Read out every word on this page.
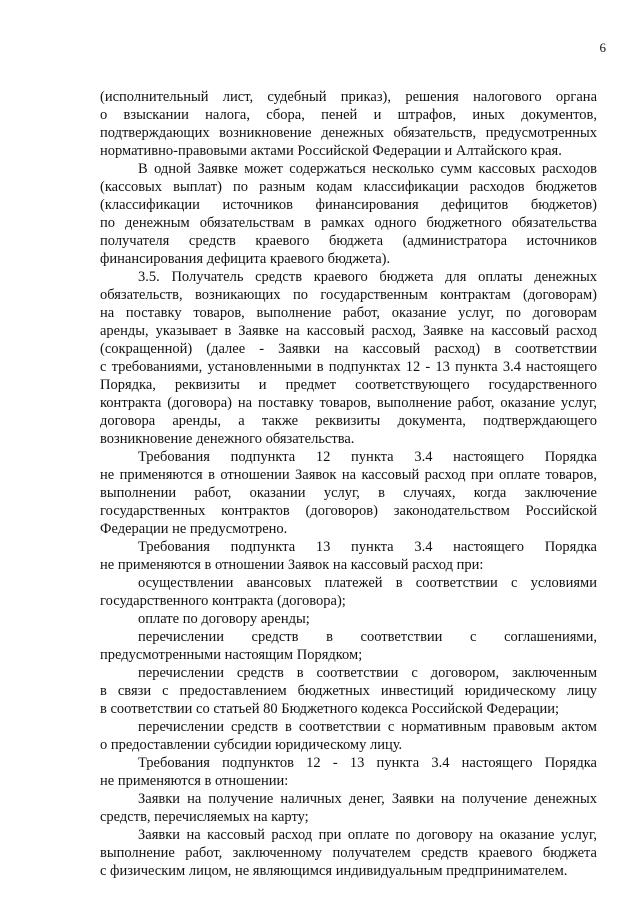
6
(исполнительный лист, судебный приказ), решения налогового органа
о взыскании налога, сбора, пеней и штрафов, иных документов,
подтверждающих возникновение денежных обязательств, предусмотренных
нормативно-правовыми актами Российской Федерации и Алтайского края.
В одной Заявке может содержаться несколько сумм кассовых расходов
(кассовых выплат) по разным кодам классификации расходов бюджетов
(классификации источников финансирования дефицитов бюджетов)
по денежным обязательствам в рамках одного бюджетного обязательства
получателя средств краевого бюджета (администратора источников
финансирования дефицита краевого бюджета).
3.5. Получатель средств краевого бюджета для оплаты денежных
обязательств, возникающих по государственным контрактам (договорам)
на поставку товаров, выполнение работ, оказание услуг, по договорам
аренды, указывает в Заявке на кассовый расход, Заявке на кассовый расход
(сокращенной) (далее - Заявки на кассовый расход) в соответствии
с требованиями, установленными в подпунктах 12 - 13 пункта 3.4 настоящего
Порядка, реквизиты и предмет соответствующего государственного
контракта (договора) на поставку товаров, выполнение работ, оказание услуг,
договора аренды, а также реквизиты документа, подтверждающего
возникновение денежного обязательства.
Требования подпункта 12 пункта 3.4 настоящего Порядка
не применяются в отношении Заявок на кассовый расход при оплате товаров,
выполнении работ, оказании услуг, в случаях, когда заключение
государственных контрактов (договоров) законодательством Российской
Федерации не предусмотрено.
Требования подпункта 13 пункта 3.4 настоящего Порядка
не применяются в отношении Заявок на кассовый расход при:
осуществлении авансовых платежей в соответствии с условиями
государственного контракта (договора);
оплате по договору аренды;
перечислении средств в соответствии с соглашениями,
предусмотренными настоящим Порядком;
перечислении средств в соответствии с договором, заключенным
в связи с предоставлением бюджетных инвестиций юридическому лицу
в соответствии со статьей 80 Бюджетного кодекса Российской Федерации;
перечислении средств в соответствии с нормативным правовым актом
о предоставлении субсидии юридическому лицу.
Требования подпунктов 12 - 13 пункта 3.4 настоящего Порядка
не применяются в отношении:
Заявки на получение наличных денег, Заявки на получение денежных
средств, перечисляемых на карту;
Заявки на кассовый расход при оплате по договору на оказание услуг,
выполнение работ, заключенному получателем средств краевого бюджета
с физическим лицом, не являющимся индивидуальным предпринимателем.
